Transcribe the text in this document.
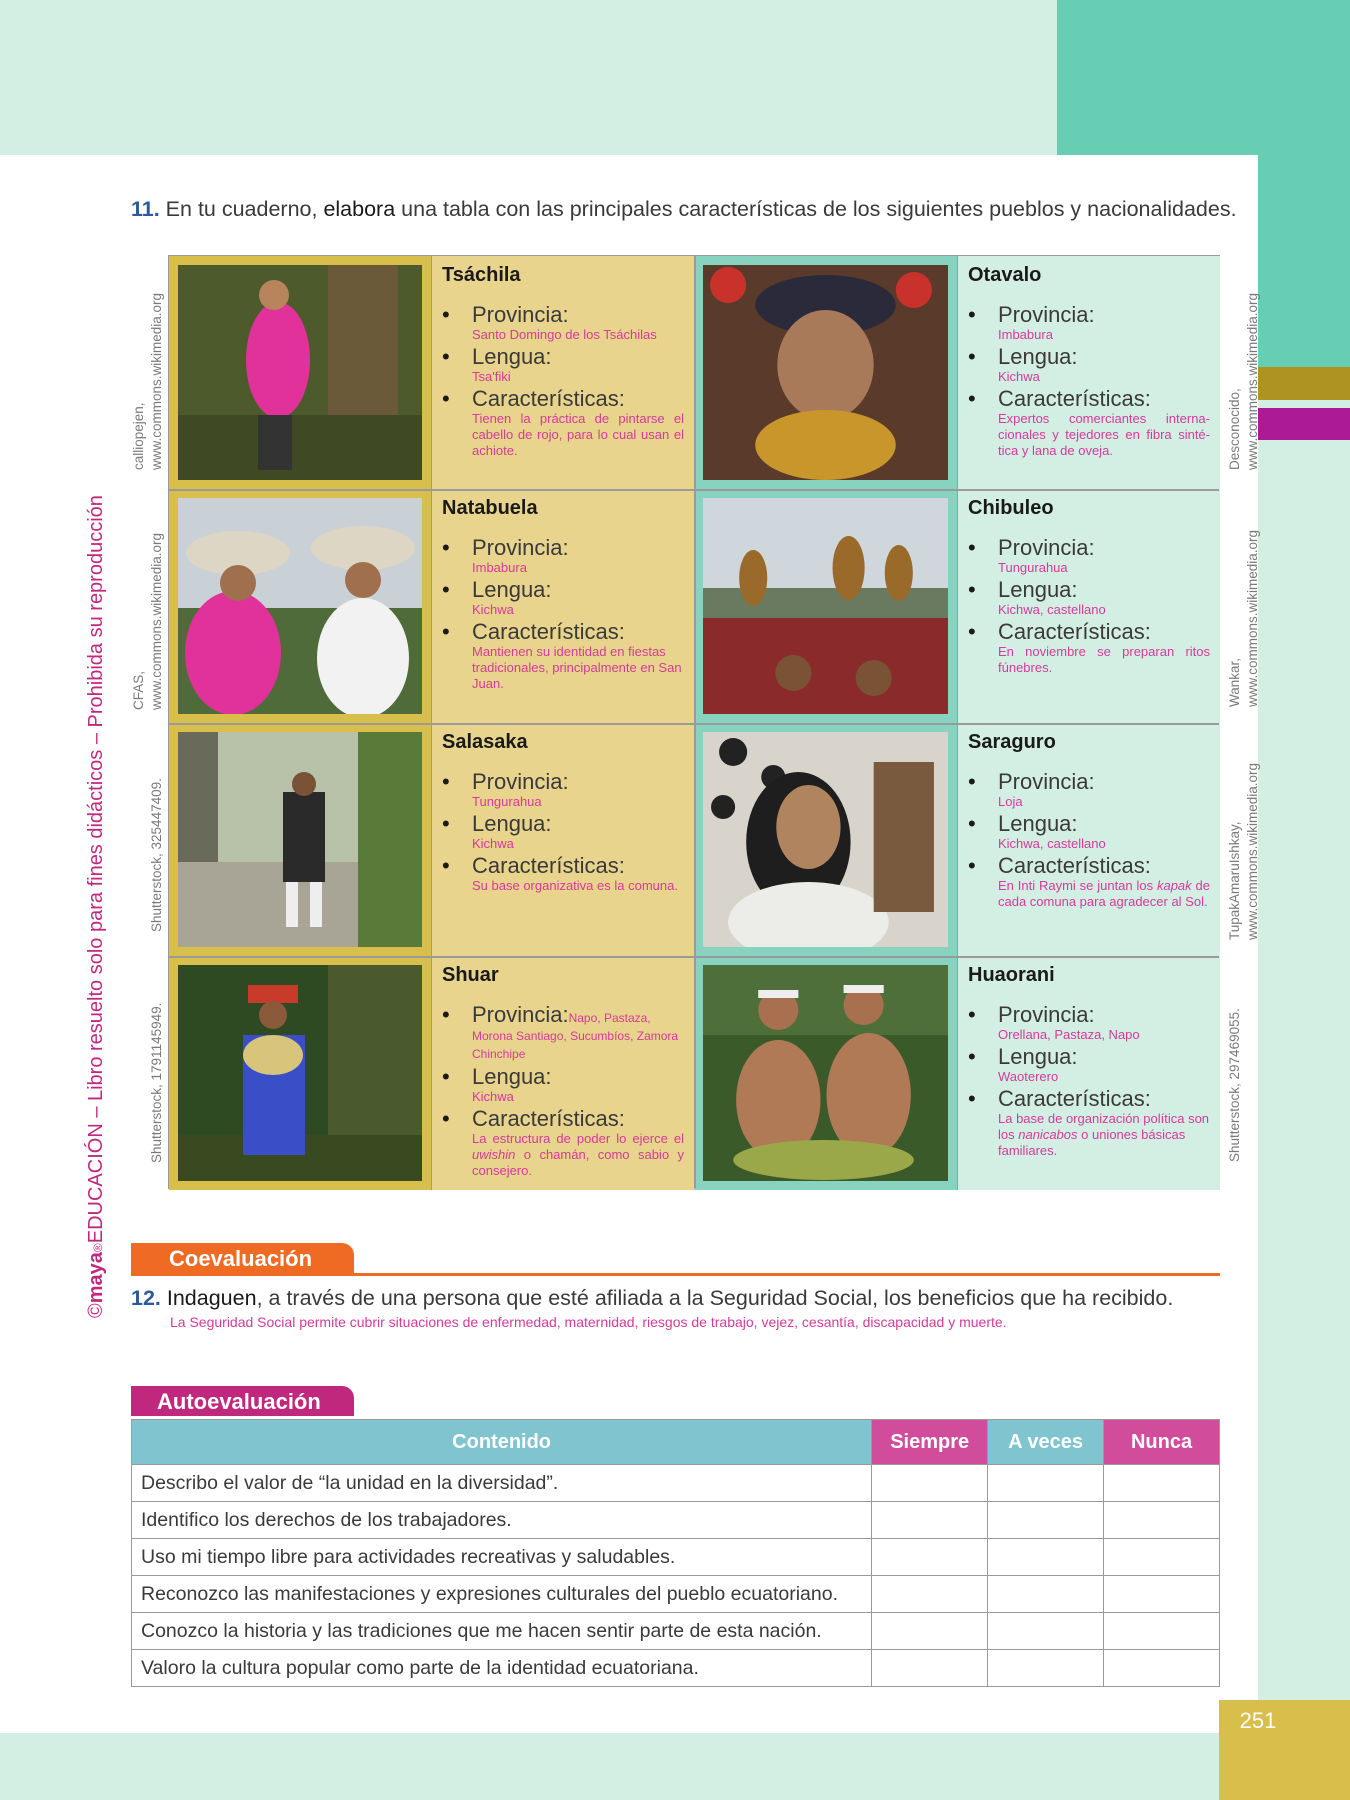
11. En tu cuaderno, elabora una tabla con las principales características de los siguientes pueblos y nacionalidades.
Tsáchila
• Provincia:
Santo Domingo de los Tsáchilas
• Lengua:
Tsa'fiki
• Características:
Tienen la práctica de pintarse el cabello de rojo, para lo cual usan el achiote.
Otavalo
• Provincia:
Imbabura
• Lengua:
Kichwa
• Características:
Expertos comerciantes interna-cionales y tejedores en fibra sinté-tica y lana de oveja.
Natabuela
• Provincia:
Imbabura
• Lengua:
Kichwa
• Características:
Mantienen su identidad en fiestas tradicionales, principalmente en San Juan.
Chibuleo
• Provincia:
Tungurahua
• Lengua:
Kichwa, castellano
• Características:
En noviembre se preparan ritos fúnebres.
Salasaka
• Provincia:
Tungurahua
• Lengua:
Kichwa
• Características:
Su base organizativa es la comuna.
Saraguro
• Provincia:
Loja
• Lengua:
Kichwa, castellano
• Características:
En Inti Raymi se juntan los kapak de cada comuna para agradecer al Sol.
Shuar
• Provincia:Napo, Pastaza, Morona Santiago, Sucumbíos, Zamora Chinchipe
• Lengua:
Kichwa
• Características:
La estructura de poder lo ejerce el uwishin o chamán, como sabio y consejero.
Huaorani
• Provincia:
Orellana, Pastaza, Napo
• Lengua:
Waoterero
• Características:
La base de organización política son los nanicabos o uniones básicas familiares.
calliopejen, www.commons.wikimedia.org
CFAS, www.commons.wikimedia.org
Shutterstock, 325447409.
Shutterstock, 1791145949.
Desconocido, www.commons.wikimedia.org
Wankar, www.commons.wikimedia.org
TupakAmaruIshkay, www.commons.wikimedia.org
Shutterstock, 297469055.
©maya®EDUCACIÓN – Libro resuelto solo para fines didácticos – Prohibida su reproducción
Coevaluación
12. Indaguen, a través de una persona que esté afiliada a la Seguridad Social, los beneficios que ha recibido.
La Seguridad Social permite cubrir situaciones de enfermedad, maternidad, riesgos de trabajo, vejez, cesantía, discapacidad y muerte.
Autoevaluación
Contenido	Siempre	A veces	Nunca
Describo el valor de “la unidad en la diversidad”.			
Identifico los derechos de los trabajadores.			
Uso mi tiempo libre para actividades recreativas y saludables.			
Reconozco las manifestaciones y expresiones culturales del pueblo ecuatoriano.			
Conozco la historia y las tradiciones que me hacen sentir parte de esta nación.			
Valoro la cultura popular como parte de la identidad ecuatoriana.			
251
